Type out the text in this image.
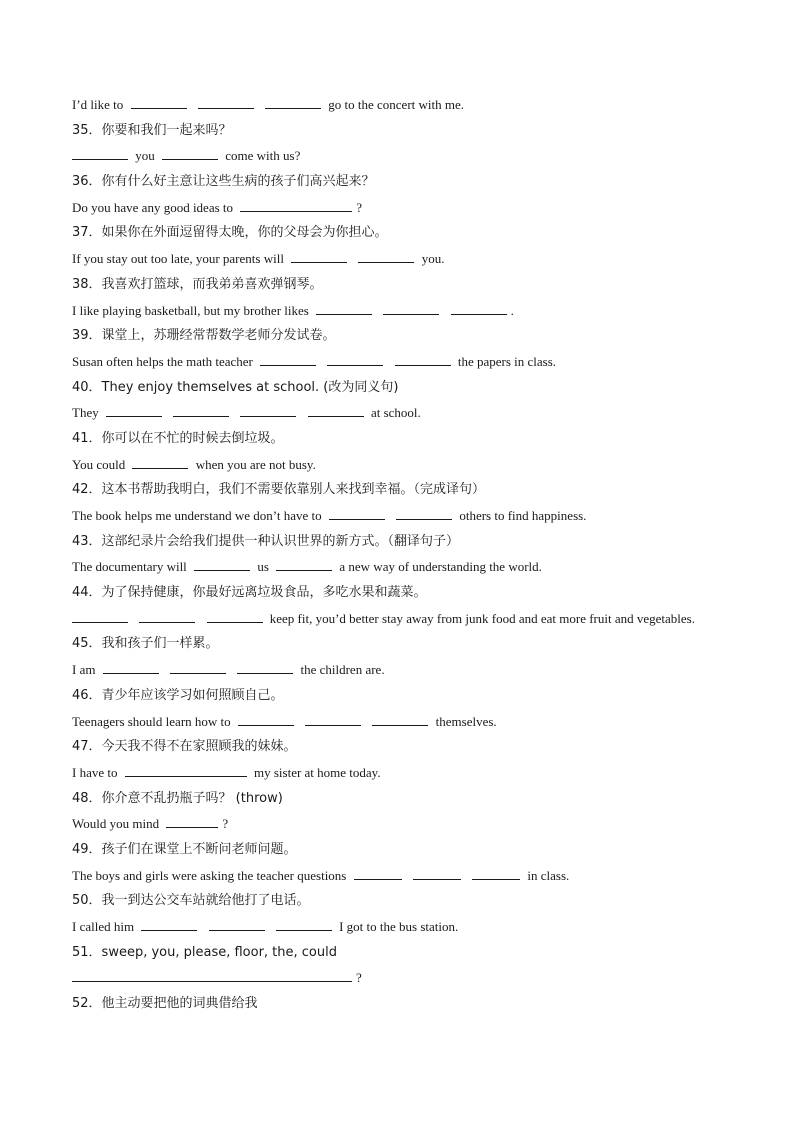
I’d like to	go to the concert with me.
35．你要和我们一起来吗？
you	come with us?
36．你有什么好主意让这些生病的孩子们高兴起来？
Do you have any good ideas to	?
37．如果你在外面逗留得太晚，你的父母会为你担心。
If you stay out too late, your parents will	you.
38．我喜欢打篮球，而我弟弟喜欢弹钢琴。
I like playing basketball, but my brother likes	.
39．课堂上，苏珊经常帮数学老师分发试卷。
Susan often helps the math teacher	the papers in class.
40．They enjoy themselves at school. (改为同义句)
They	at school.
41．你可以在不忙的时候去倒垃圾。
You could	when you are not busy.
42．这本书帮助我明白，我们不需要依靠别人来找到幸福。（完成译句）
The book helps me understand we don’t have to	others to find happiness.
43．这部纪录片会给我们提供一种认识世界的新方式。（翻译句子）
The documentary will	us	a new way of understanding the world.
44．为了保持健康，你最好远离垃圾食品，多吃水果和蔬菜。
keep fit, you’d better stay away from junk food and eat more fruit and vegetables.
45．我和孩子们一样累。
I am	the children are.
46．青少年应该学习如何照顾自己。
Teenagers should learn how to	themselves.
47．今天我不得不在家照顾我的妹妹。
I have to	my sister at home today.
48．你介意不乱扔瓶子吗？ (throw)
Would you mind	?
49．孩子们在课堂上不断问老师问题。
The boys and girls were asking the teacher questions	in class.
50．我一到达公交车站就给他打了电话。
I called him	I got to the bus station.
51．sweep, you, please, floor, the, could
?
52．他主动要把他的词典借给我
